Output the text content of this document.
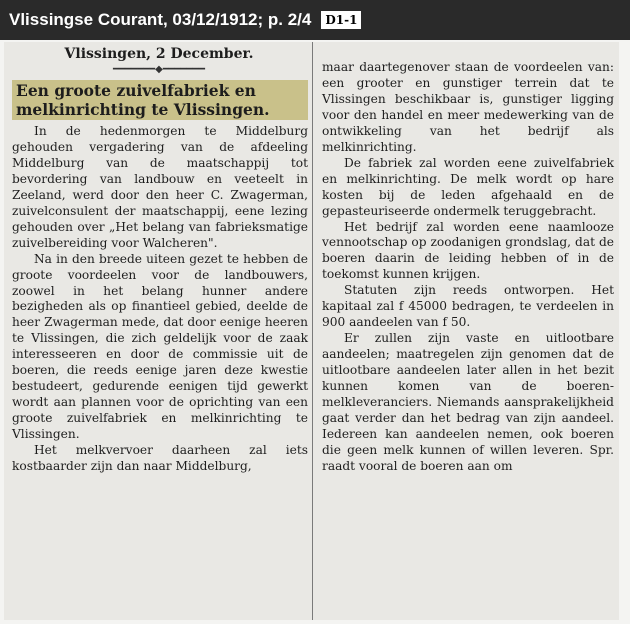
Vlissingse Courant, 03/12/1912; p. 2/4	D1-1
Vlissingen, 2 December.
━━━━━━━◆━━━━━━━
Een groote zuivelfabriek en melkinrichting te Vlissingen.

In de hedenmorgen te Middelburg gehouden vergadering van de afdeeling Middelburg van de maatschappij tot bevordering van landbouw en veeteelt in Zeeland, werd door den heer C. Zwagerman, zuivelconsulent der maatschappij, eene lezing gehouden over „Het belang van fabrieksmatige zuivelbereiding voor Walcheren".

Na in den breede uiteen gezet te hebben de groote voordeelen voor de landbouwers, zoowel in het belang hunner andere bezigheden als op finantieel gebied, deelde de heer Zwagerman mede, dat door eenige heeren te Vlissingen, die zich geldelijk voor de zaak interesseeren en door de commissie uit de boeren, die reeds eenige jaren deze kwestie bestudeert, gedurende eenigen tijd gewerkt wordt aan plannen voor de oprichting van een groote zuivelfabriek en melkinrichting te Vlissingen.

Het melkvervoer daarheen zal iets kostbaarder zijn dan naar Middelburg,

maar daartegenover staan de voordeelen van: een grooter en gunstiger terrein dat te Vlissingen beschikbaar is, gunstiger ligging voor den handel en meer medewerking van de ontwikkeling van het bedrijf als melkinrichting.

De fabriek zal worden eene zuivelfabriek en melkinrichting. De melk wordt op hare kosten bij de leden afgehaald en de gepasteuriseerde ondermelk teruggebracht.

Het bedrijf zal worden eene naamlooze vennootschap op zoodanigen grondslag, dat de boeren daarin de leiding hebben of in de toekomst kunnen krijgen.

Statuten zijn reeds ontworpen. Het kapitaal zal f 45000 bedragen, te verdeelen in 900 aandeelen van f 50.

Er zullen zijn vaste en uitlootbare aandeelen; maatregelen zijn genomen dat de uitlootbare aandeelen later allen in het bezit kunnen komen van de boeren-melkleveranciers. Niemands aansprakelijkheid gaat verder dan het bedrag van zijn aandeel. Iedereen kan aandeelen nemen, ook boeren die geen melk kunnen of willen leveren. Spr. raadt vooral de boeren aan om
